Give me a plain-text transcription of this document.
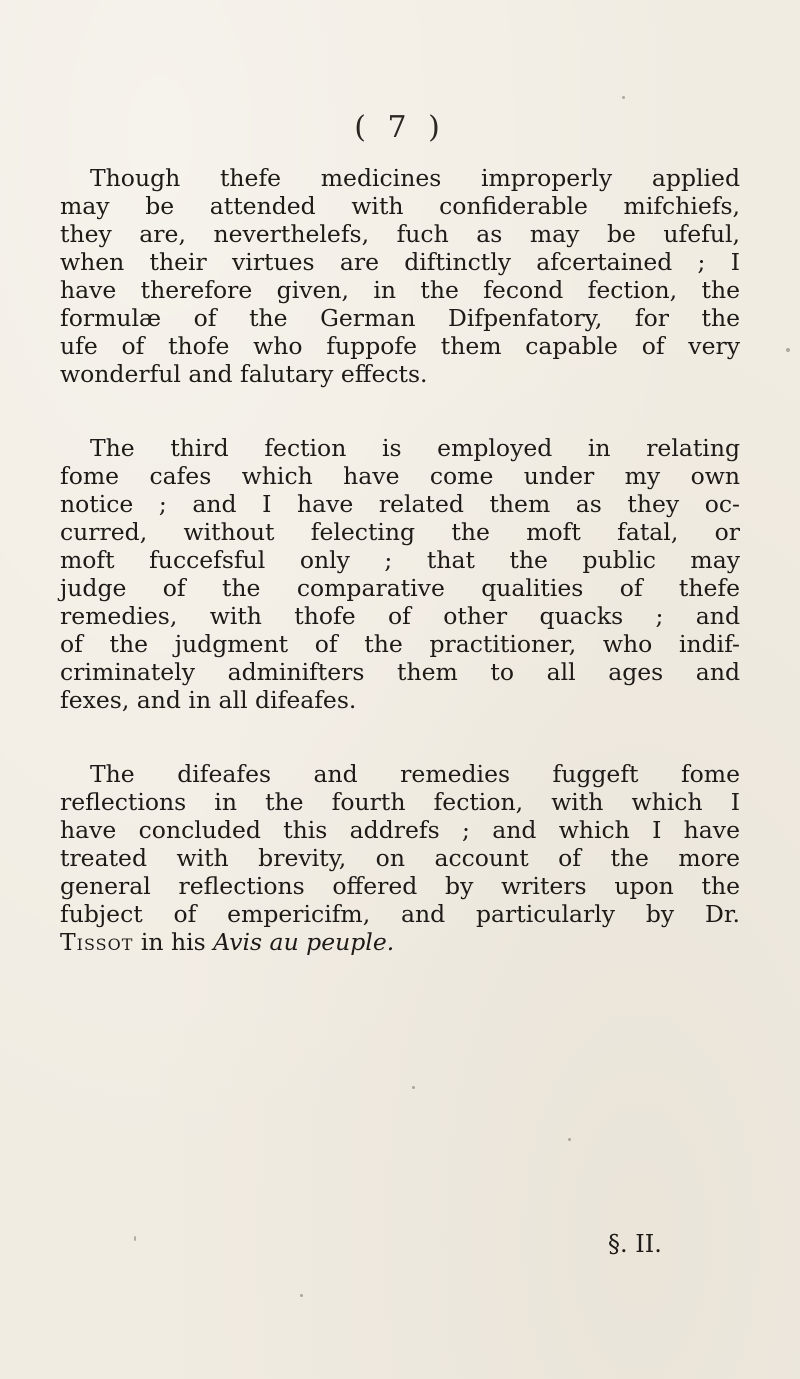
( 7 )
Though thefe medicines improperly applied
may be attended with confiderable mifchiefs,
they are, neverthelefs, fuch as may be ufeful,
when their virtues are diftinctly afcertained ; I
have therefore given, in the fecond fection, the
formulæ of the German Difpenfatory, for the
ufe of thofe who fuppofe them capable of very
wonderful and falutary effects.
The third fection is employed in relating
fome cafes which have come under my own
notice ; and I have related them as they oc-
curred, without felecting the moft fatal, or
moft fuccefsful only ; that the public may
judge of the comparative qualities of thefe
remedies, with thofe of other quacks ; and
of the judgment of the practitioner, who indif-
criminately adminifters them to all ages and
fexes, and in all difeafes.
The difeafes and remedies fuggeft fome
reflections in the fourth fection, with which I
have concluded this addrefs ; and which I have
treated with brevity, on account of the more
general reflections offered by writers upon the
fubject of empericifm, and particularly by Dr.
Tissot in his Avis au peuple.
§. II.
